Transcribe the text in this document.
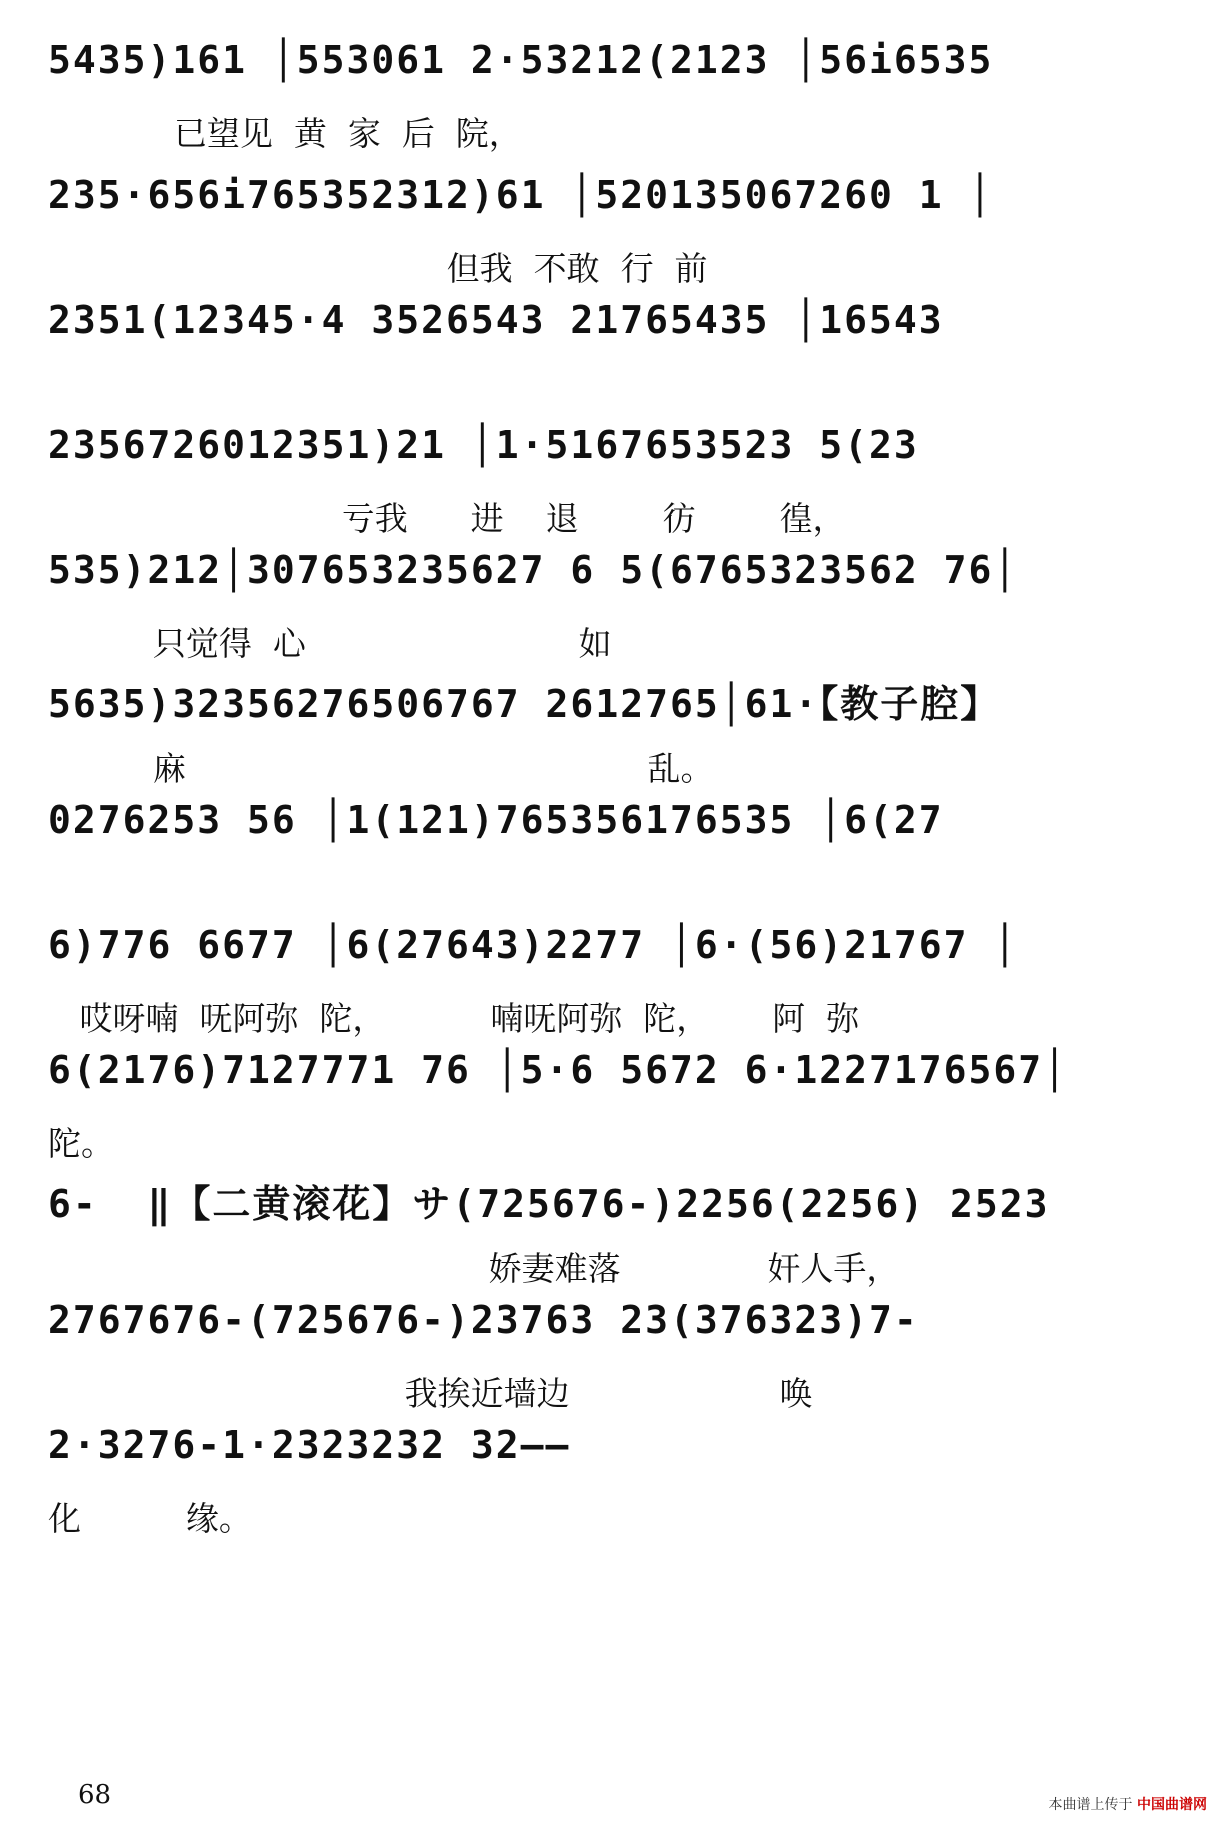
5435)161 │553061 2·53212(2123 │56i6535
已望见  黄  家  后  院，
235·656i765352312)61 │520135067260 1 │
但我  不敢  行  前
2351(12345·4 3526543 21765435 │16543
2356726012351)21 │1·5167653523 5(23
亏我      进    退        彷        徨，
535)212│307653235627 6 5(6765323562 76│
只觉得  心                          如
5635)32356276506767 2612765│61·【教子腔】
麻                                            乱。
0276253 56 │1(121)765356176535 │6(27
6)776 6677 │6(27643)2277 │6·(56)21767 │
哎呀喃  呒阿弥  陀，          喃呒阿弥  陀，      阿  弥
6(2176)7127771 76 │5·6 5672 6·1227176567│
陀。
6-  ‖【二黄滚花】サ(725676-)2256(2256) 2523
娇妻难落              奸人手，
2767676-(725676-)23763 23(376323)7-
我挨近墙边                    唤
2·3276-1·2323232 32——
化          缘。
68	本曲谱上传于 中国曲谱网
